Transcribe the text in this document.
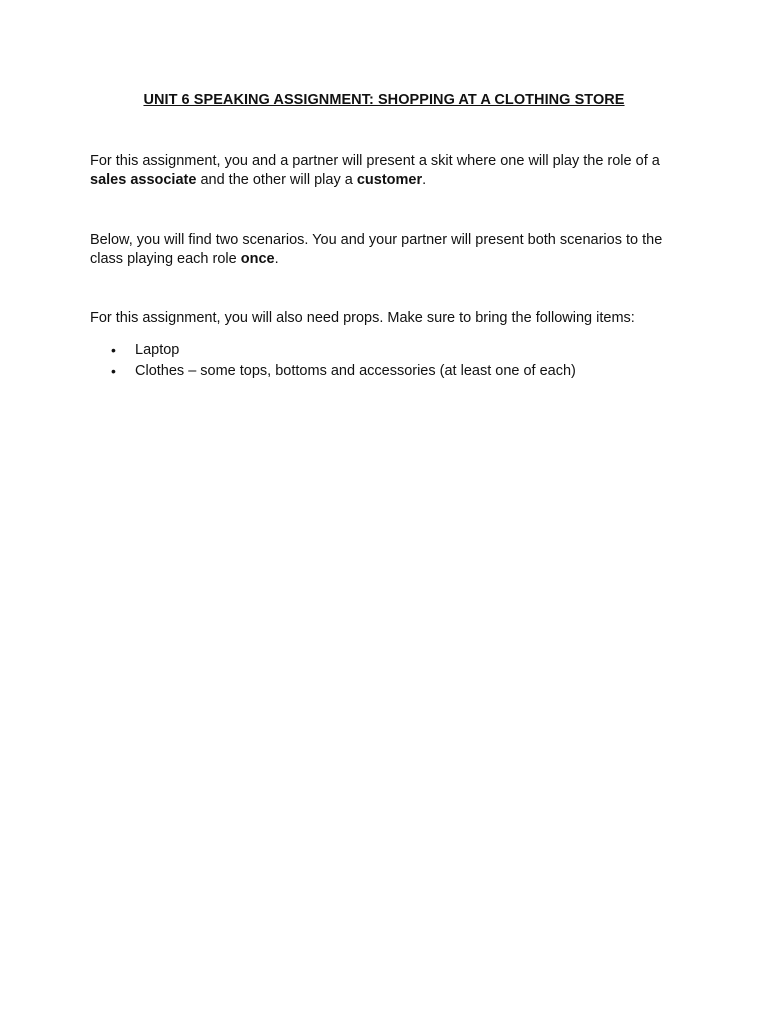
UNIT 6 SPEAKING ASSIGNMENT: SHOPPING AT A CLOTHING STORE

For this assignment, you and a partner will present a skit where one will play the role of a sales associate and the other will play a customer.

Below, you will find two scenarios. You and your partner will present both scenarios to the class playing each role once.

For this assignment, you will also need props. Make sure to bring the following items:

• Laptop
• Clothes – some tops, bottoms and accessories (at least one of each)
